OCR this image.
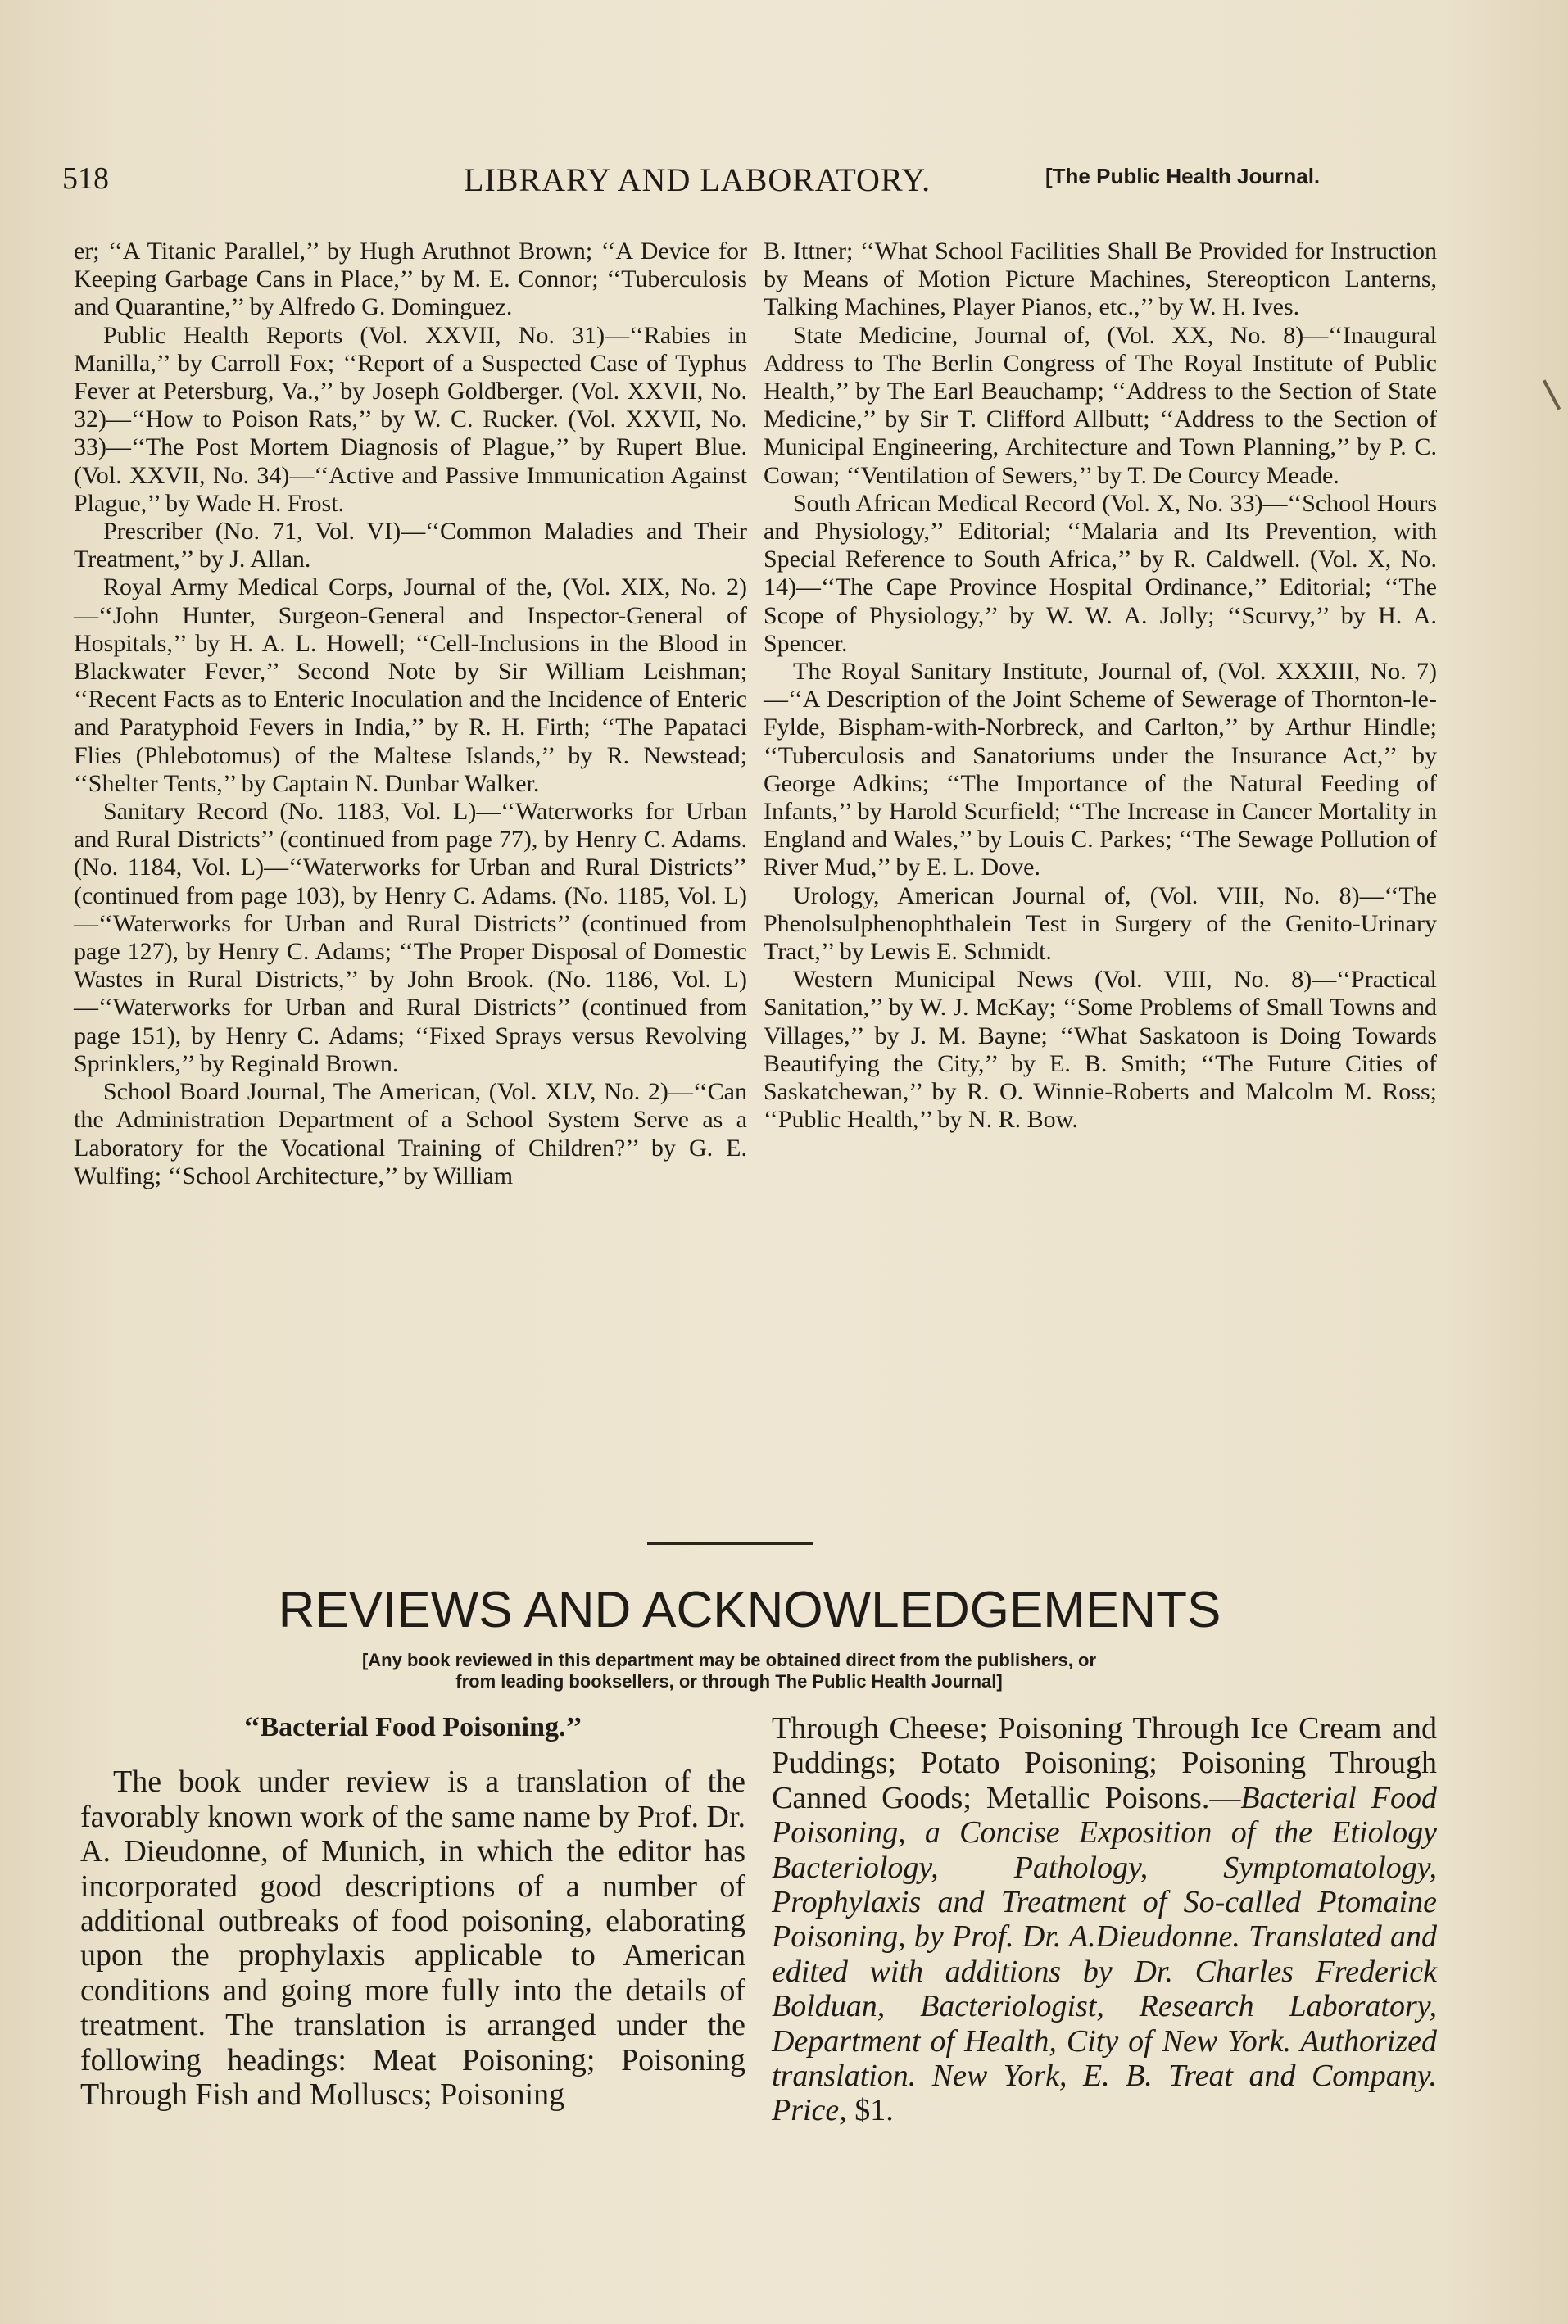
518	LIBRARY AND LABORATORY.	[The Public Health Journal.

er; ‘‘A Titanic Parallel,’’ by Hugh Aruthnot Brown; ‘‘A Device for Keeping Garbage Cans in Place,’’ by M. E. Connor; ‘‘Tuberculosis and Quarantine,’’ by Alfredo G. Dominguez.

Public Health Reports (Vol. XXVII, No. 31)—‘‘Rabies in Manilla,’’ by Carroll Fox; ‘‘Report of a Suspected Case of Typhus Fever at Petersburg, Va.,’’ by Joseph Goldberger. (Vol. XXVII, No. 32)—‘‘How to Poison Rats,’’ by W. C. Rucker. (Vol. XXVII, No. 33)—‘‘The Post Mortem Diagnosis of Plague,’’ by Rupert Blue. (Vol. XXVII, No. 34)—‘‘Active and Passive Immunication Against Plague,’’ by Wade H. Frost.

Prescriber (No. 71, Vol. VI)—‘‘Common Maladies and Their Treatment,’’ by J. Allan.

Royal Army Medical Corps, Journal of the, (Vol. XIX, No. 2)—‘‘John Hunter, Surgeon-General and Inspector-General of Hospitals,’’ by H. A. L. Howell; ‘‘Cell-Inclusions in the Blood in Blackwater Fever,’’ Second Note by Sir William Leishman; ‘‘Recent Facts as to Enteric Inoculation and the Incidence of Enteric and Paratyphoid Fevers in India,’’ by R. H. Firth; ‘‘The Papataci Flies (Phlebotomus) of the Maltese Islands,’’ by R. Newstead; ‘‘Shelter Tents,’’ by Captain N. Dunbar Walker.

Sanitary Record (No. 1183, Vol. L)—‘‘Waterworks for Urban and Rural Districts’’ (continued from page 77), by Henry C. Adams. (No. 1184, Vol. L)—‘‘Waterworks for Urban and Rural Districts’’ (continued from page 103), by Henry C. Adams. (No. 1185, Vol. L)—‘‘Waterworks for Urban and Rural Districts’’ (continued from page 127), by Henry C. Adams; ‘‘The Proper Disposal of Domestic Wastes in Rural Districts,’’ by John Brook. (No. 1186, Vol. L)—‘‘Waterworks for Urban and Rural Districts’’ (continued from page 151), by Henry C. Adams; ‘‘Fixed Sprays versus Revolving Sprinklers,’’ by Reginald Brown.

School Board Journal, The American, (Vol. XLV, No. 2)—‘‘Can the Administration Department of a School System Serve as a Laboratory for the Vocational Training of Children?’’ by G. E. Wulfing; ‘‘School Architecture,’’ by William

B. Ittner; ‘‘What School Facilities Shall Be Provided for Instruction by Means of Motion Picture Machines, Stereopticon Lanterns, Talking Machines, Player Pianos, etc.,’’ by W. H. Ives.

State Medicine, Journal of, (Vol. XX, No. 8)—‘‘Inaugural Address to The Berlin Congress of The Royal Institute of Public Health,’’ by The Earl Beauchamp; ‘‘Address to the Section of State Medicine,’’ by Sir T. Clifford Allbutt; ‘‘Address to the Section of Municipal Engineering, Architecture and Town Planning,’’ by P. C. Cowan; ‘‘Ventilation of Sewers,’’ by T. De Courcy Meade.

South African Medical Record (Vol. X, No. 33)—‘‘School Hours and Physiology,’’ Editorial; ‘‘Malaria and Its Prevention, with Special Reference to South Africa,’’ by R. Caldwell. (Vol. X, No. 14)—‘‘The Cape Province Hospital Ordinance,’’ Editorial; ‘‘The Scope of Physiology,’’ by W. W. A. Jolly; ‘‘Scurvy,’’ by H. A. Spencer.

The Royal Sanitary Institute, Journal of, (Vol. XXXIII, No. 7)—‘‘A Description of the Joint Scheme of Sewerage of Thornton-le-Fylde, Bispham-with-Norbreck, and Carlton,’’ by Arthur Hindle; ‘‘Tuberculosis and Sanatoriums under the Insurance Act,’’ by George Adkins; ‘‘The Importance of the Natural Feeding of Infants,’’ by Harold Scurfield; ‘‘The Increase in Cancer Mortality in England and Wales,’’ by Louis C. Parkes; ‘‘The Sewage Pollution of River Mud,’’ by E. L. Dove.

Urology, American Journal of, (Vol. VIII, No. 8)—‘‘The Phenolsulphenophthalein Test in Surgery of the Genito-Urinary Tract,’’ by Lewis E. Schmidt.

Western Municipal News (Vol. VIII, No. 8)—‘‘Practical Sanitation,’’ by W. J. McKay; ‘‘Some Problems of Small Towns and Villages,’’ by J. M. Bayne; ‘‘What Saskatoon is Doing Towards Beautifying the City,’’ by E. B. Smith; ‘‘The Future Cities of Saskatchewan,’’ by R. O. Winnie-Roberts and Malcolm M. Ross; ‘‘Public Health,’’ by N. R. Bow.

REVIEWS AND ACKNOWLEDGEMENTS
[Any book reviewed in this department may be obtained direct from the publishers, or
from leading booksellers, or through The Public Health Journal]

‘‘Bacterial Food Poisoning.’’

The book under review is a translation of the favorably known work of the same name by Prof. Dr. A. Dieudonne, of Munich, in which the editor has incorporated good descriptions of a number of additional outbreaks of food poisoning, elaborating upon the prophylaxis applicable to American conditions and going more fully into the details of treatment. The translation is arranged under the following headings: Meat Poisoning; Poisoning Through Fish and Molluscs; Poisoning

Through Cheese; Poisoning Through Ice Cream and Puddings; Potato Poisoning; Poisoning Through Canned Goods; Metallic Poisons.—Bacterial Food Poisoning, a Concise Exposition of the Etiology Bacteriology, Pathology, Symptomatology, Prophylaxis and Treatment of So-called Ptomaine Poisoning, by Prof. Dr. A.Dieudonne. Translated and edited with additions by Dr. Charles Frederick Bolduan, Bacteriologist, Research Laboratory, Department of Health, City of New York. Authorized translation. New York, E. B. Treat and Company. Price, $1.
